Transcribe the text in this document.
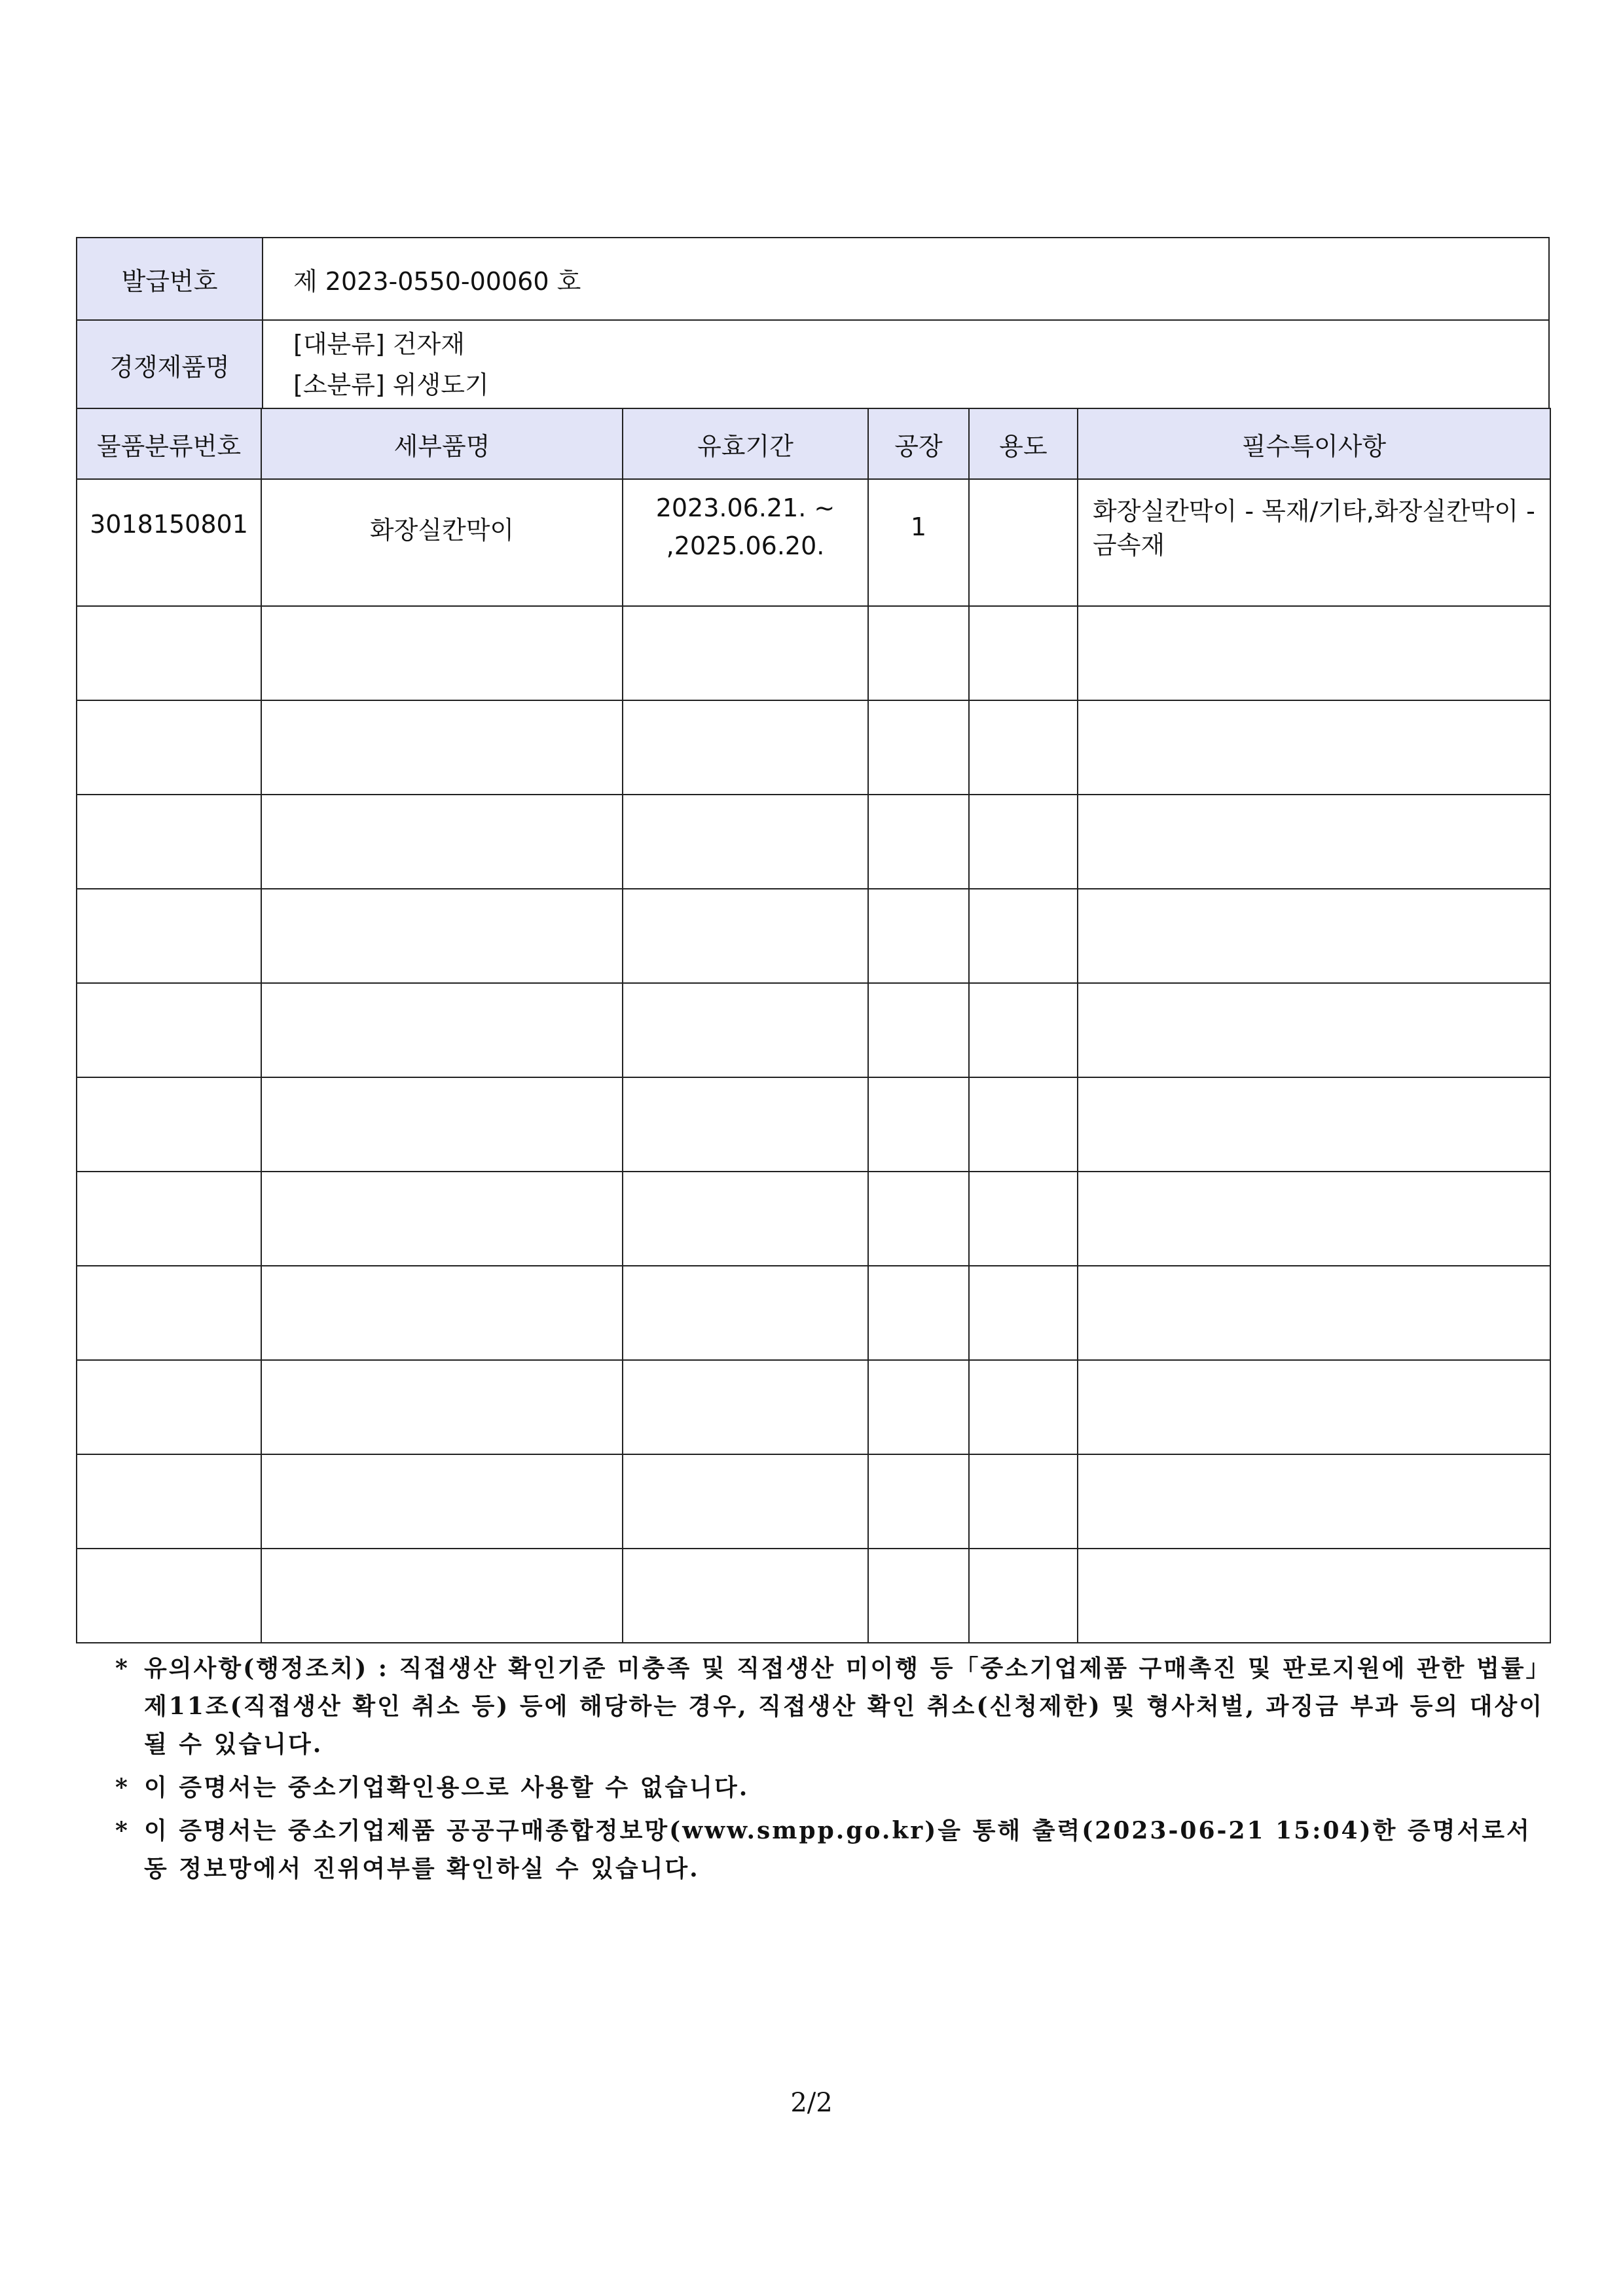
발급번호	제 2023-0550-00060 호
경쟁제품명	[대분류] 건자재
[소분류] 위생도기
물품분류번호	세부품명	유효기간	공장	용도	필수특이사항
3018150801	화장실칸막이	2023.06.21. ~
,2025.06.20.	1		화장실칸막이 - 목재/기타,화장실칸막이 - 금속재

* 유의사항(행정조치) : 직접생산 확인기준 미충족 및 직접생산 미이행 등「중소기업제품 구매촉진 및 판로지원에 관한 법률」제11조(직접생산 확인 취소 등) 등에 해당하는 경우, 직접생산 확인 취소(신청제한) 및 형사처벌, 과징금 부과 등의 대상이 될 수 있습니다.
* 이 증명서는 중소기업확인용으로 사용할 수 없습니다.
* 이 증명서는 중소기업제품 공공구매종합정보망(www.smpp.go.kr)을 통해 출력(2023-06-21 15:04)한 증명서로서 동 정보망에서 진위여부를 확인하실 수 있습니다.
2/2
